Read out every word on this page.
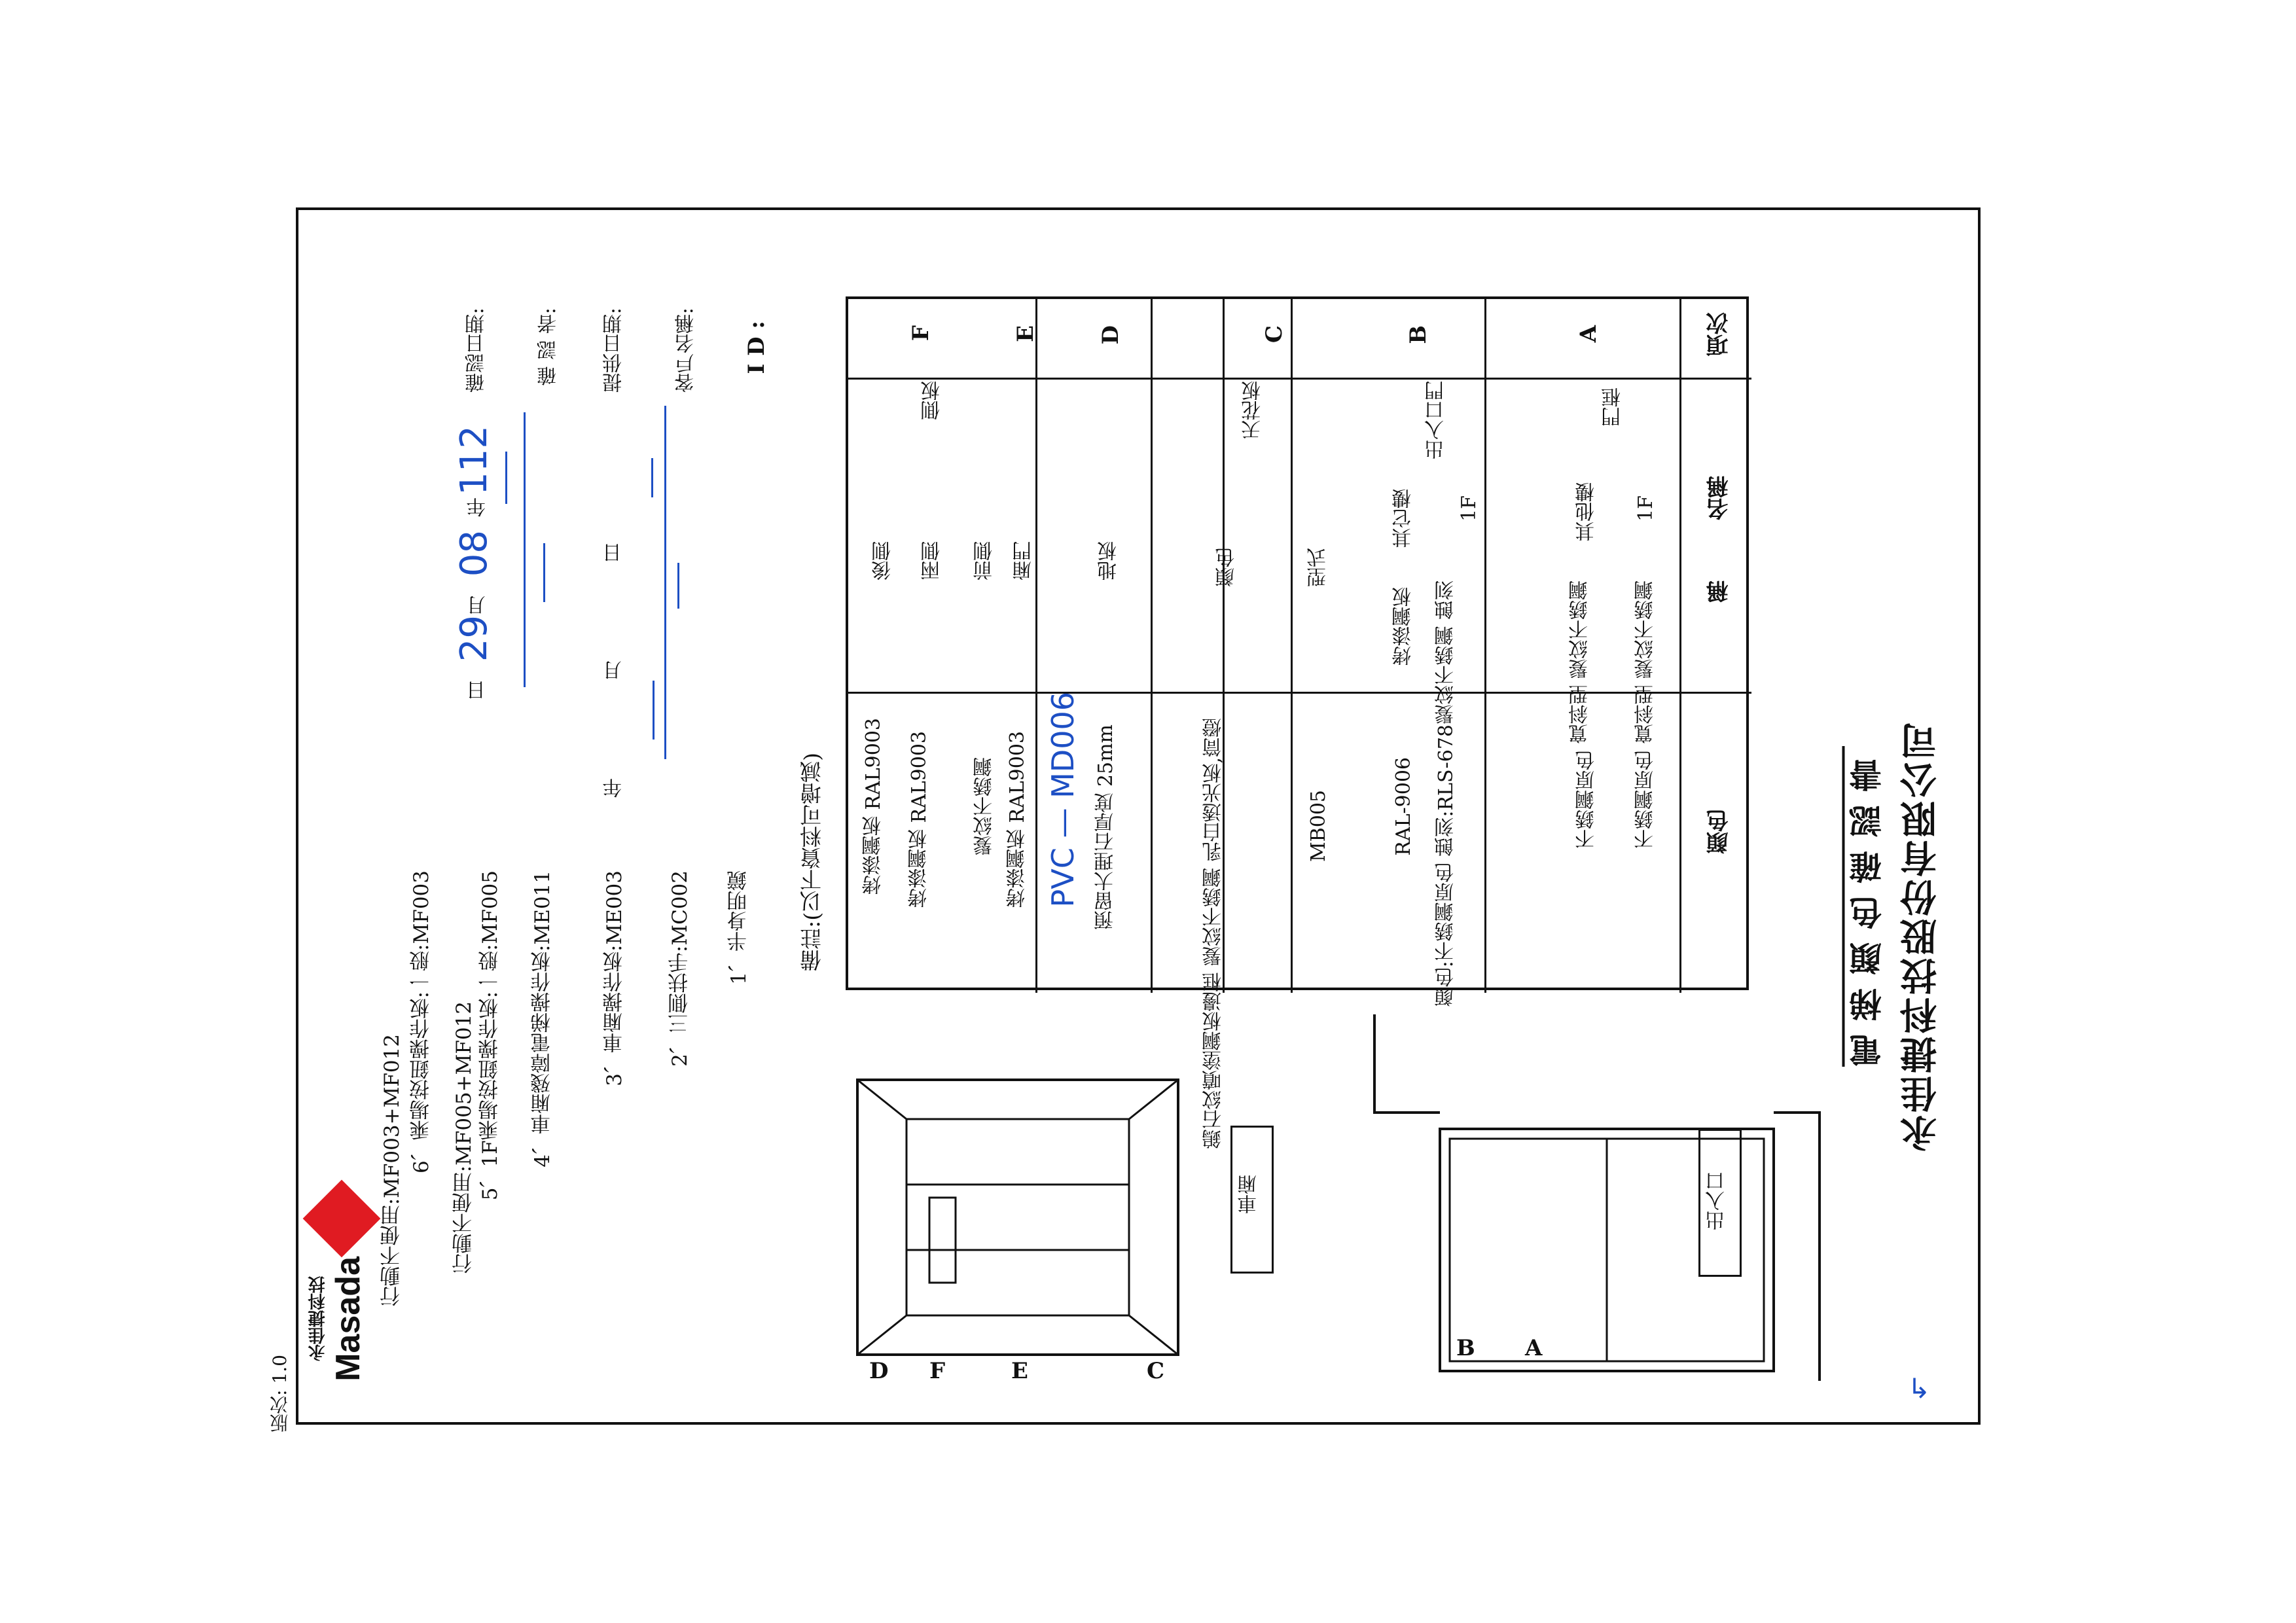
永佳捷科技股份有限公司
電梯顏色確認書
項次
名稱
稱
顏色
A
門框
1F
寬斜型 髮紋不銹鋼
不銹鋼原色
其他樓
寬斜型 髮紋不銹鋼
不銹鋼原色
B
出入口門
1F
髮紋不銹鋼 蝕刻
顏色:不銹鋼原色 蝕刻:RLS-678
其它樓
烤漆鋼板
RAL-9006
C
天花板
型式
MB005
顏色
鎢石紋噴塗鋼板邊框 髮紋不銹鋼 乳白透光板,筒燈
D
地板
預留大理石厚度 25mm
PVC — MD006
E
廂門
烤漆鋼板 RAL9003
F
側板
前側
髮紋不銹鋼
兩側
烤漆鋼板 RAL9003
後側
烤漆鋼板 RAL9003
備註:(以下資料可增減)
1、半身明鏡
2、三側扶手:MC002
3、車廂操作板:ME003
4、車廂殘障電梯操作板:ME011
5、1F乘場按鈕操作板:一般:MF005
行動不便用:MF005+MF012
6、乘場按鈕操作板:一般:MF003
行動不便用:MF003+MF012
I D :
客戶名稱:
提供日期:
年 月 日
確 認 者:
確認日期:
112
年
08
月
29
日
出入口
車廂
A
B
C
D	E
F
Masada
永佳捷科技
版次: 1.0	↳
